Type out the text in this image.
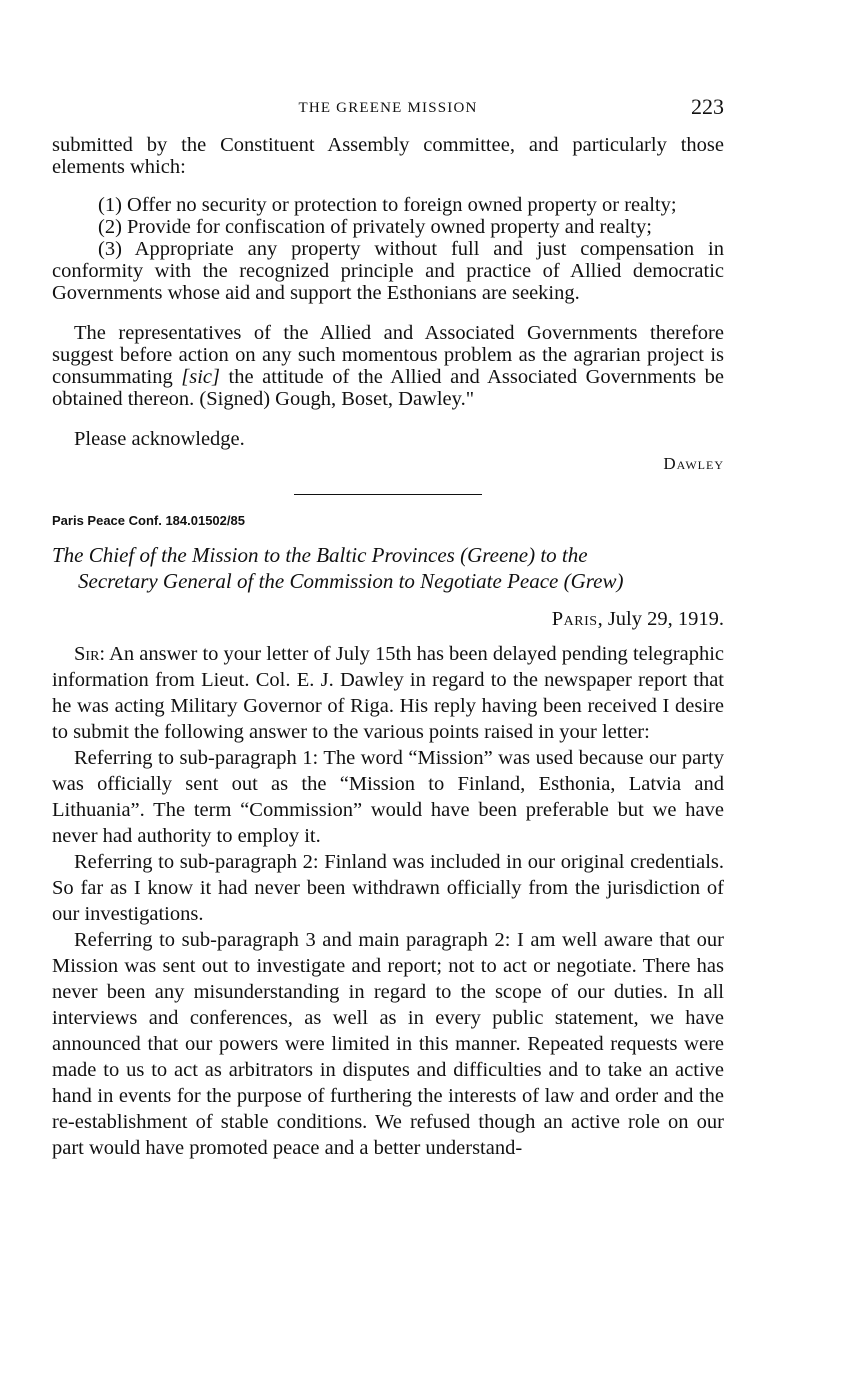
THE GREENE MISSION	223

submitted by the Constituent Assembly committee, and particularly those elements which:

(1) Offer no security or protection to foreign owned property or realty;

(2) Provide for confiscation of privately owned property and realty;

(3) Appropriate any property without full and just compensation in conformity with the recognized principle and practice of Allied democratic Governments whose aid and support the Esthonians are seeking.

The representatives of the Allied and Associated Governments therefore suggest before action on any such momentous problem as the agrarian project is consummating [sic] the attitude of the Allied and Associated Governments be obtained thereon. (Signed) Gough, Boset, Dawley."

Please acknowledge.
Dawley
Paris Peace Conf. 184.01502/85
The Chief of the Mission to the Baltic Provinces (Greene) to the
Secretary General of the Commission to Negotiate Peace (Grew)
Paris, July 29, 1919.

Sir: An answer to your letter of July 15th has been delayed pending telegraphic information from Lieut. Col. E. J. Dawley in regard to the newspaper report that he was acting Military Governor of Riga. His reply having been received I desire to submit the following answer to the various points raised in your letter:

Referring to sub-paragraph 1: The word “Mission” was used because our party was officially sent out as the “Mission to Finland, Esthonia, Latvia and Lithuania”. The term “Commission” would have been preferable but we have never had authority to employ it.

Referring to sub-paragraph 2: Finland was included in our original credentials. So far as I know it had never been withdrawn officially from the jurisdiction of our investigations.

Referring to sub-paragraph 3 and main paragraph 2: I am well aware that our Mission was sent out to investigate and report; not to act or negotiate. There has never been any misunderstanding in regard to the scope of our duties. In all interviews and conferences, as well as in every public statement, we have announced that our powers were limited in this manner. Repeated requests were made to us to act as arbitrators in disputes and difficulties and to take an active hand in events for the purpose of furthering the interests of law and order and the re-establishment of stable conditions. We refused though an active role on our part would have promoted peace and a better understand-
